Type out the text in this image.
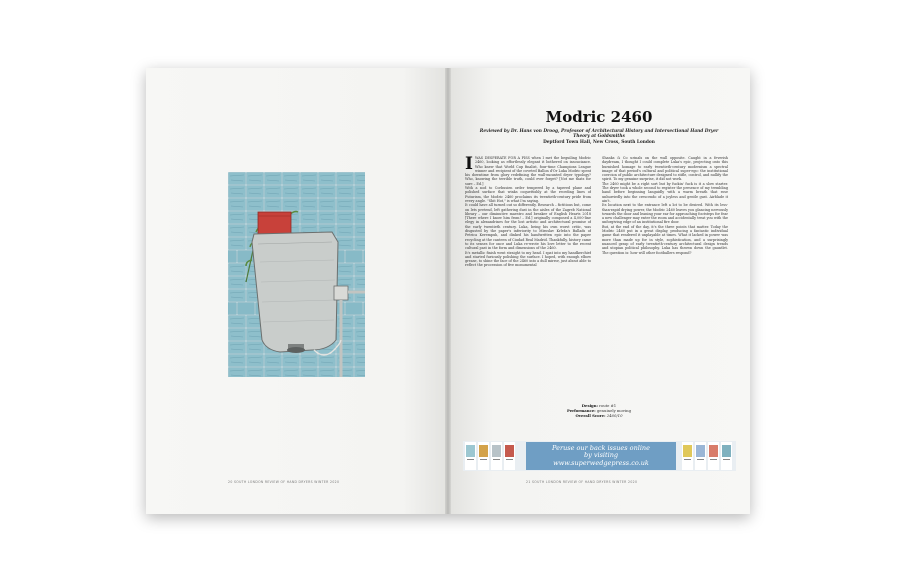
20 SOUTH LONDON REVIEW OF HAND DRYERS WINTER 2020
Modric 2460
Reviewed by Dr. Hans von Droog, Professor of Architectural History and Intersectional Hand Dryer Theory at Goldsmiths
Deptford Town Hall, New Cross, South London

IWAS DESPERATE FOR A PISS when I met the beguiling Modric 2460, looking as effortlessly elegant it bothered on insouciance. Who knew that World Cup finalist, four-time Champions League winner and recipient of the coveted Ballon d'Or Luka Modric spent his downtime from glory redefining the wall-mounted dryer typology? Who, knowing the terrible truth, could ever forget? [Not me thats for sure – Ed.]

With a nod to Corbusien order tempered by a tapered plane and polished surface that winks coquettishly at the receding lines of Futurism, the Modric 2460 proclaims its twentieth-century pride from every angle. "Shit Hot," is what I'm saying.

It could have all turned out so differently. Research – fictitious but, come on lets pretend, left gathering dust in the aisles of the Zagreb National library – our diminutive maestro and breaker of English Hearts 2018 [There where I know him from! – Ed.] originally composed a 4,000-line elegy in alexandrines for the lost artistic and architectural promise of the early twentieth century. Luka, being his own worst critic, was disgusted by the paper's inferiority to Miroslav Krleža's Ballads of Petrica Kerempuh, and dinked his handwritten epic into the paper recycling at the canteen of Ciudad Real Madrid. Thankfully, history came to its senses for once and Luka re-wrote his love letter to the recent cultural past in the form and dimensions of the 2460.

It's metallic finish went straight to my head. I spat into my handkerchief and started furiously polishing the surface. I hoped, with enough elbow grease, to shine the face of the 2460 into a dull mirror, just about able to reflect the procession of five monumental

Shanks & Co urinals on the wall opposite. Caught in a feverish daydream, I thought I could complete Luka's epic, projecting onto this burnished homage to early twentieth-century modernism a spectral image of that period's cultural and political super-ego: the institutional coercion of public architecture designed to stifle, control, and nullify the spirit. To my genuine surprise, it did not work.

The 2460 might be a right sort but by fuckin' fuck is it a slow starter. The dryer took a whole second to register the presence of my trembling hand before beginning languidly with a warm breath that rose unhurriedly into the crescendo of a joyless and gentle gust. Airblade it ain't.

Its location next to the entrance left a lot to be desired. With its less-than-rapid drying power, the Modric 2460 leaves you glancing nervously towards the door and leaning your ear for approaching footsteps for fear a new challenger may enter the room and accidentally treat you with the unforgiving edge of an institutional fire door.

But, at the end of the day, it's the three points that matter. Today the Modric 2460 put in a great display, producing a fantastic individual game that rendered it unplayable at times. What it lacked in power was more than made up for in style, sophistication, and a surprisingly nuanced grasp of early twentieth-century architectural design trends and utopian political philosophy. Luka has thrown down the gauntlet. The question is: how will other footballers respond?

Design: route #1
Performance: genuinely moving
Overall Score: 2460/10
Peruse our back issues online
by visiting
www.superwedgepress.co.uk
21 SOUTH LONDON REVIEW OF HAND DRYERS WINTER 2020
